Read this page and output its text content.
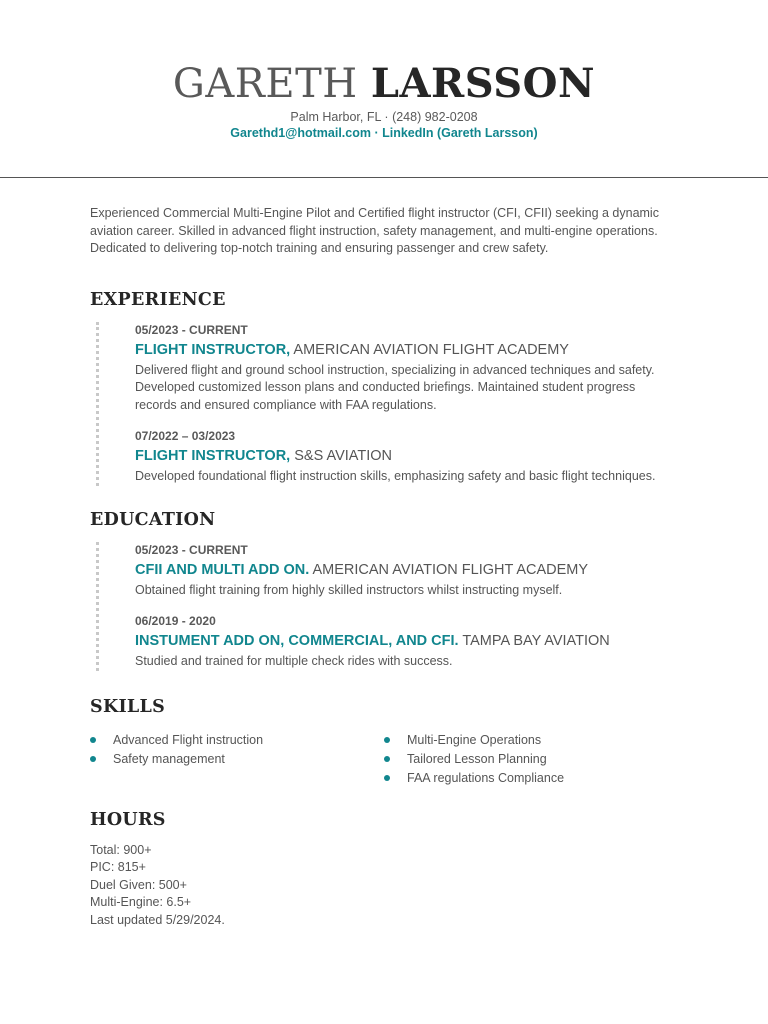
GARETH LARSSON
Palm Harbor, FL · (248) 982-0208
Garethd1@hotmail.com · LinkedIn (Gareth Larsson)
Experienced Commercial Multi-Engine Pilot and Certified flight instructor (CFI, CFII) seeking a dynamic aviation career. Skilled in advanced flight instruction, safety management, and multi-engine operations. Dedicated to delivering top-notch training and ensuring passenger and crew safety.
EXPERIENCE
05/2023 - CURRENT
FLIGHT INSTRUCTOR, AMERICAN AVIATION FLIGHT ACADEMY
Delivered flight and ground school instruction, specializing in advanced techniques and safety. Developed customized lesson plans and conducted briefings. Maintained student progress records and ensured compliance with FAA regulations.
07/2022 – 03/2023
FLIGHT INSTRUCTOR, S&S AVIATION
Developed foundational flight instruction skills, emphasizing safety and basic flight techniques.
EDUCATION
05/2023 - CURRENT
CFII AND MULTI ADD ON. AMERICAN AVIATION FLIGHT ACADEMY
Obtained flight training from highly skilled instructors whilst instructing myself.
06/2019 - 2020
INSTUMENT ADD ON, COMMERCIAL, AND CFI. TAMPA BAY AVIATION
Studied and trained for multiple check rides with success.
SKILLS
Advanced Flight instruction
Safety management
Multi-Engine Operations
Tailored Lesson Planning
FAA regulations Compliance
HOURS
Total: 900+
PIC: 815+
Duel Given: 500+
Multi-Engine: 6.5+
Last updated 5/29/2024.
